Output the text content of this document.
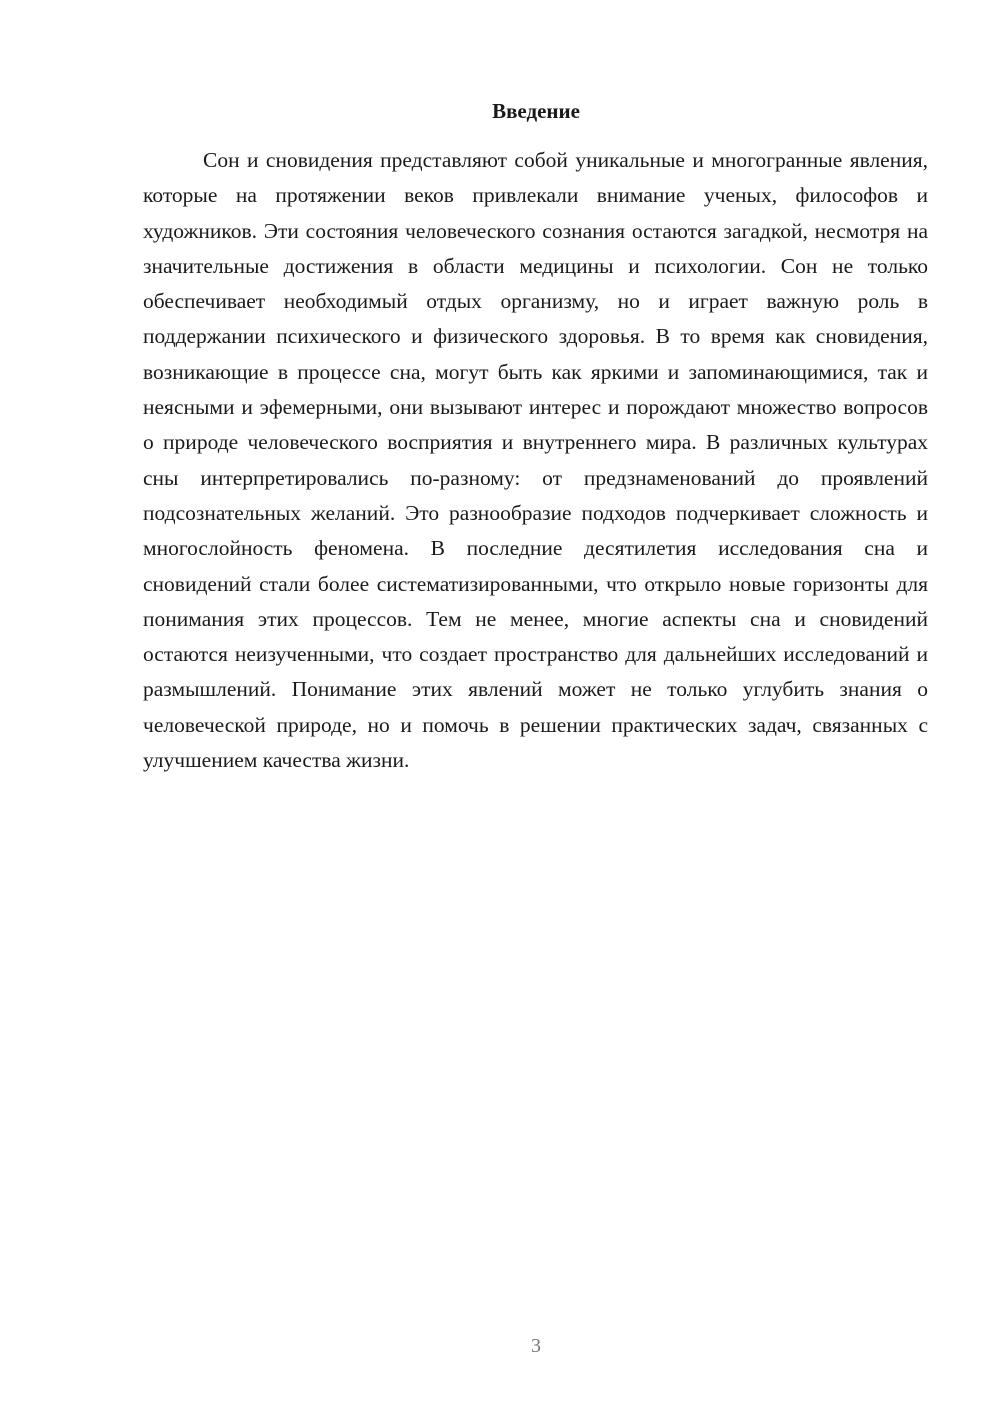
Введение

Сон и сновидения представляют собой уникальные и многогранные явления, которые на протяжении веков привлекали внимание ученых, философов и художников. Эти состояния человеческого сознания остаются загадкой, несмотря на значительные достижения в области медицины и психологии. Сон не только обеспечивает необходимый отдых организму, но и играет важную роль в поддержании психического и физического здоровья. В то время как сновидения, возникающие в процессе сна, могут быть как яркими и запоминающимися, так и неясными и эфемерными, они вызывают интерес и порождают множество вопросов о природе человеческого восприятия и внутреннего мира. В различных культурах сны интерпретировались по-разному: от предзнаменований до проявлений подсознательных желаний. Это разнообразие подходов подчеркивает сложность и многослойность феномена. В последние десятилетия исследования сна и сновидений стали более систематизированными, что открыло новые горизонты для понимания этих процессов. Тем не менее, многие аспекты сна и сновидений остаются неизученными, что создает пространство для дальнейших исследований и размышлений. Понимание этих явлений может не только углубить знания о человеческой природе, но и помочь в решении практических задач, связанных с улучшением качества жизни.

3
